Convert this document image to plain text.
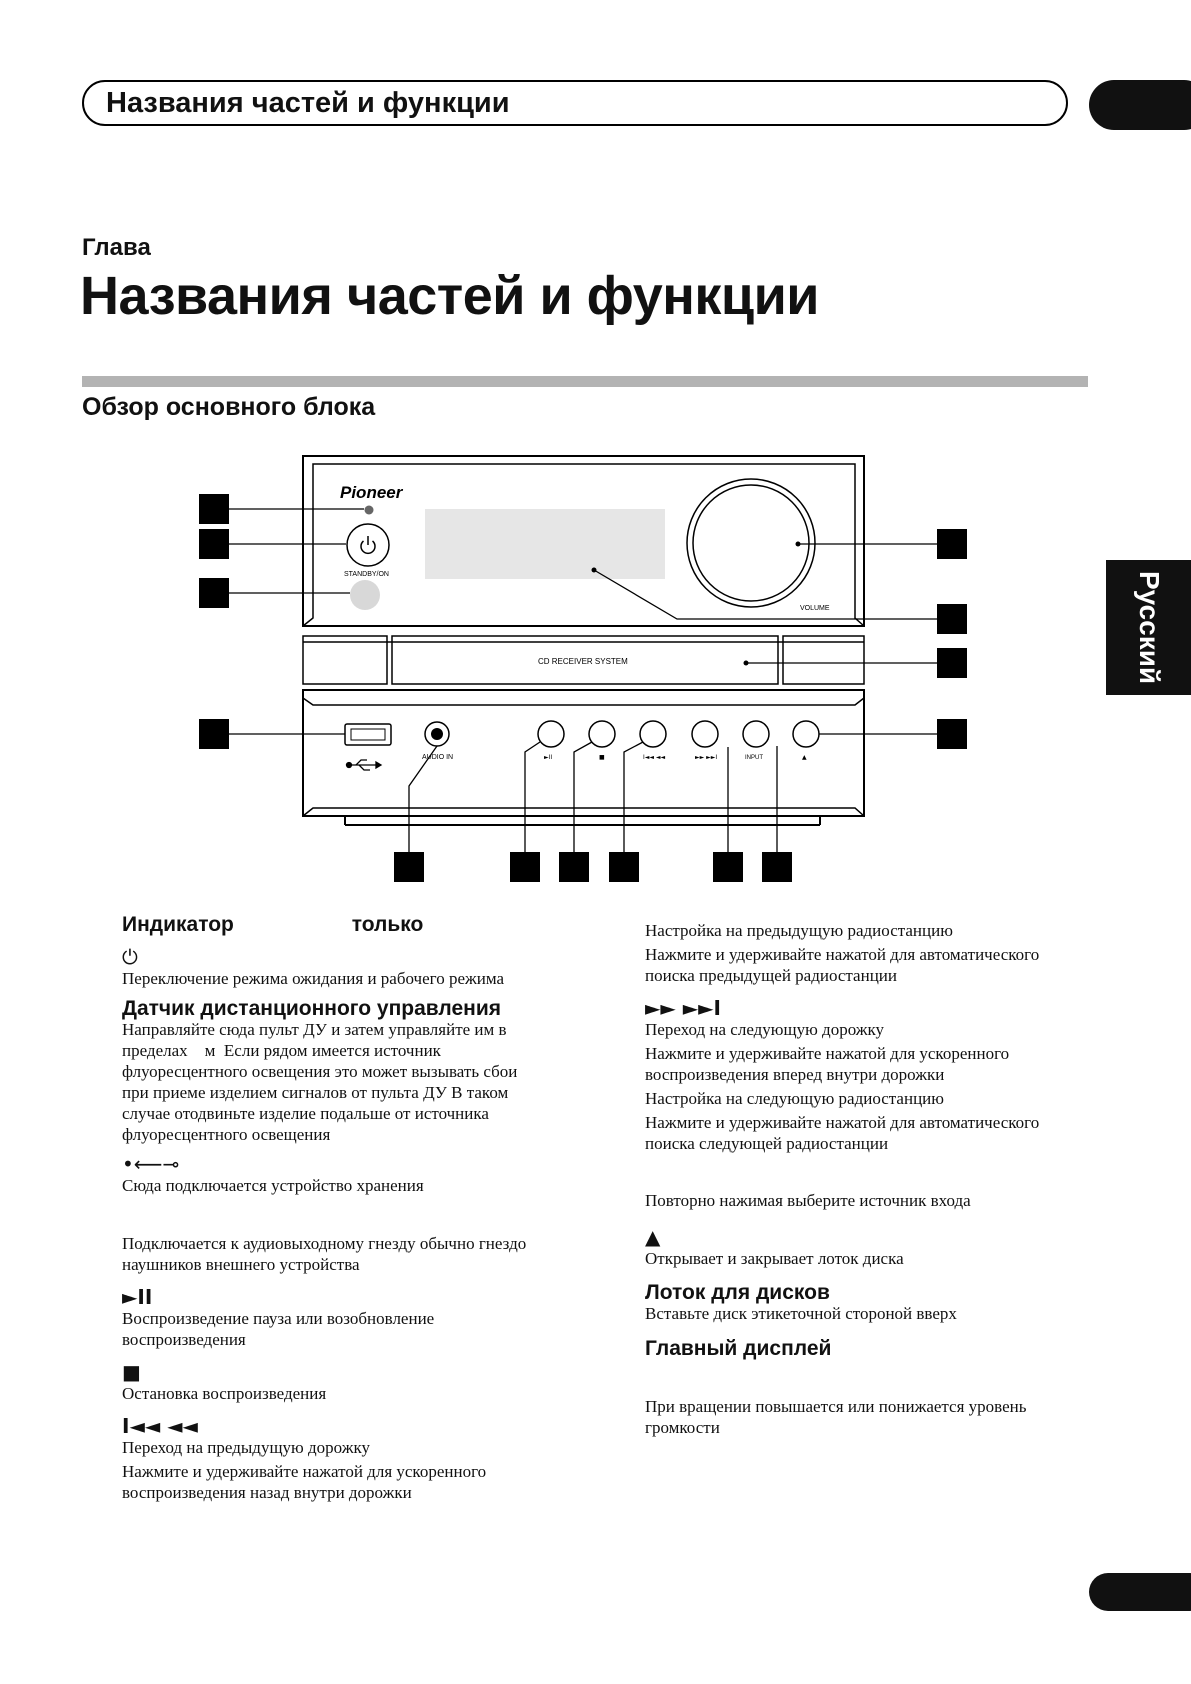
Названия частей и функции
Глава
Названия частей и функции
Обзор основного блока
Русский
Pioneer
STANDBY/ON
VOLUME
CD RECEIVER SYSTEM
AUDIO IN	►II	■	I◄◄ ◄◄	►► ►►I	INPUT	▲
Индикатор	только
⏻

Переключение режима ожидания и рабочего режима

Датчик дистанционного управления

Направляйте сюда пульт ДУ и затем управляйте им в

пределах    м  Если рядом имеется источник

флуоресцентного освещения это может вызывать сбои

при приеме изделием сигналов от пульта ДУ В таком

случае отодвиньте изделие подальше от источника

флуоресцентного освещения

•⟵⊸

Сюда подключается устройство хранения

Подключается к аудиовыходному гнезду обычно гнездо

наушников внешнего устройства

►II

Воспроизведение пауза или возобновление

воспроизведения

■

Остановка воспроизведения

I◄◄ ◄◄

Переход на предыдущую дорожку

Нажмите и удерживайте нажатой для ускоренного

воспроизведения назад внутри дорожки

Настройка на предыдущую радиостанцию

Нажмите и удерживайте нажатой для автоматического

поиска предыдущей радиостанции

►► ►►I

Переход на следующую дорожку

Нажмите и удерживайте нажатой для ускоренного

воспроизведения вперед внутри дорожки

Настройка на следующую радиостанцию

Нажмите и удерживайте нажатой для автоматического

поиска следующей радиостанции

Повторно нажимая выберите источник входа

▲

Открывает и закрывает лоток диска

Лоток для дисков

Вставьте диск этикеточной стороной вверх

Главный дисплей

При вращении повышается или понижается уровень

громкости
